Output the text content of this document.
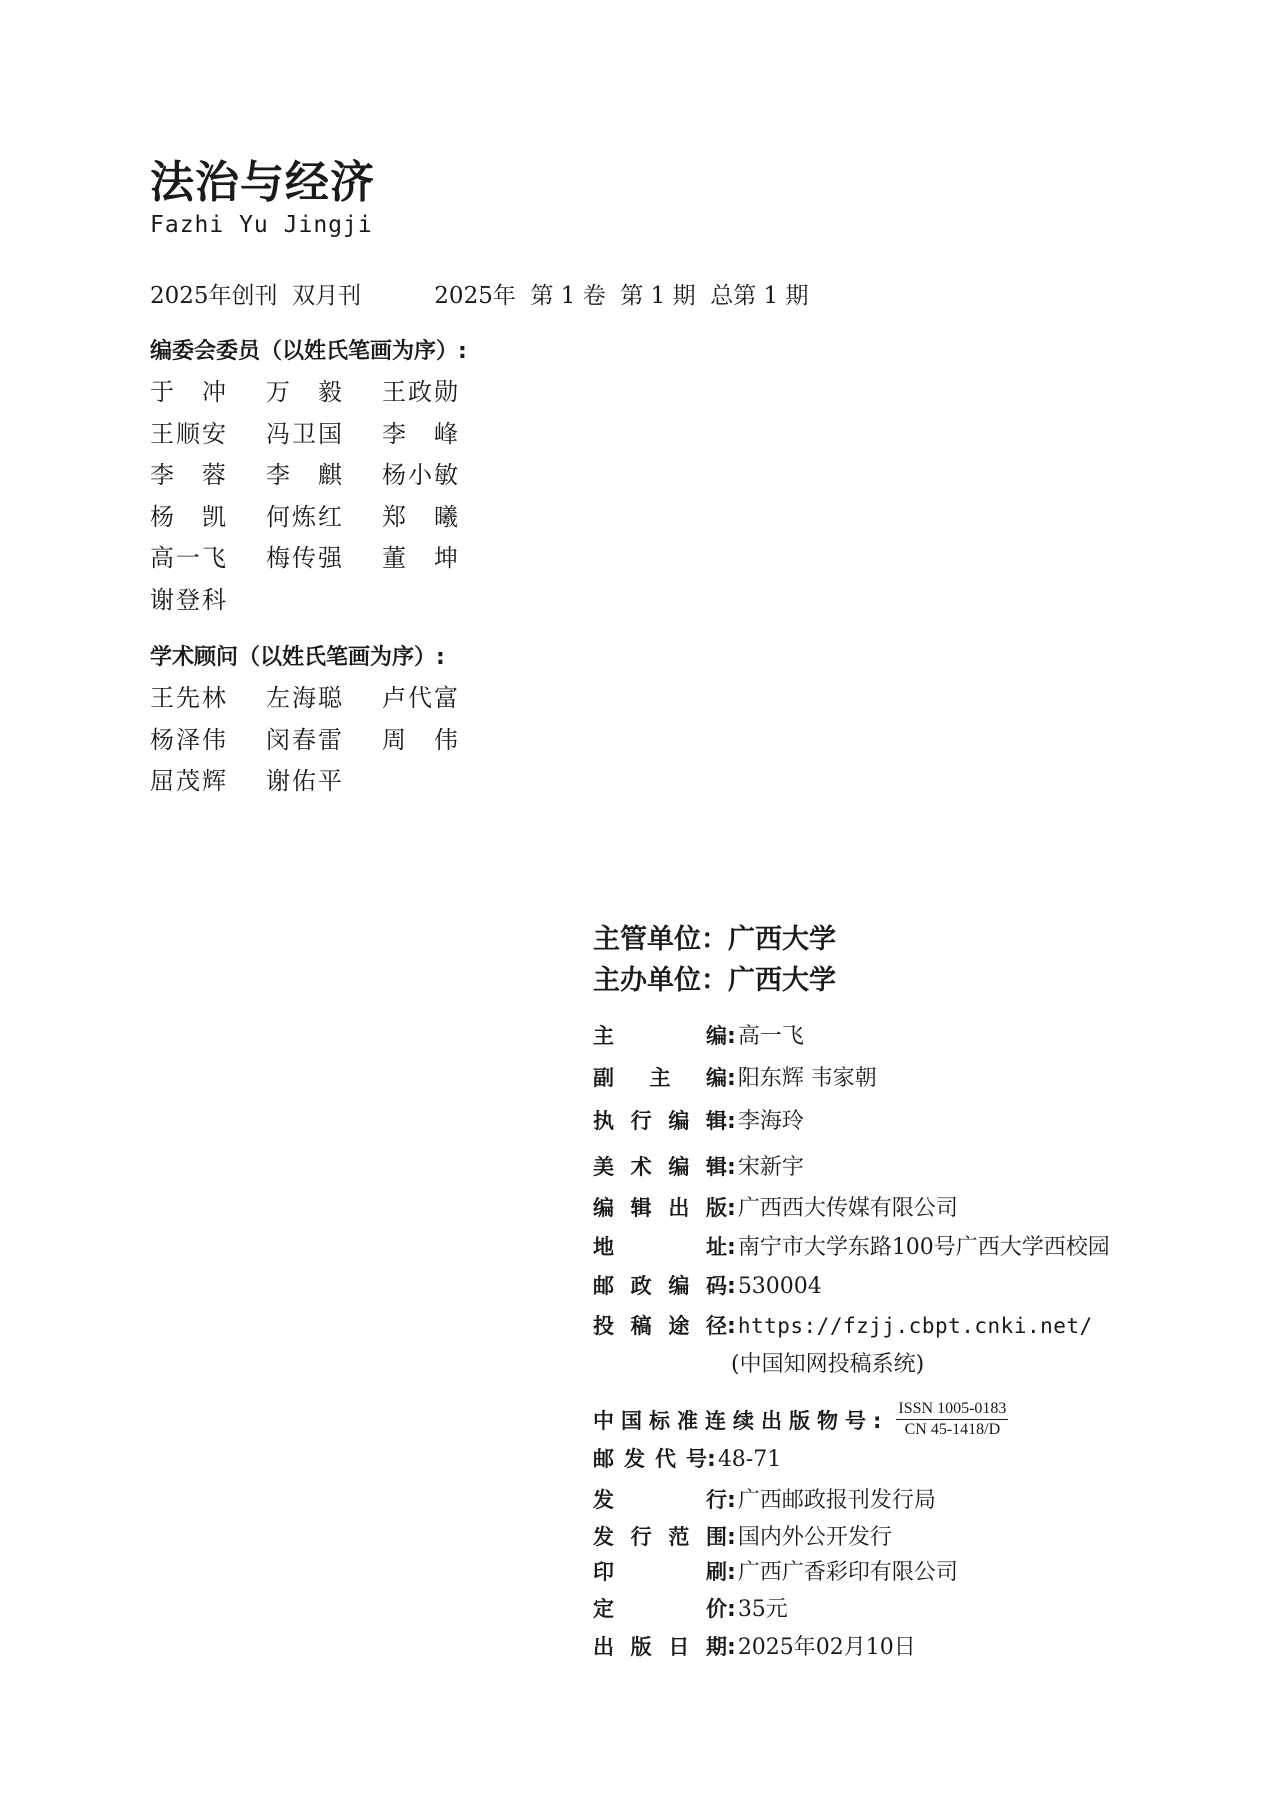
法治与经济
Fazhi Yu Jingji
2025年创刊 双月刊	2025年 第 1 卷 第 1 期 总第 1 期
编委会委员（以姓氏笔画为序）:
于　冲	万　毅	王政勋
王顺安	冯卫国	李　峰
李　蓉	李　麒	杨小敏
杨　凯	何炼红	郑　曦
高一飞	梅传强	董　坤
谢登科
学术顾问（以姓氏笔画为序）:
王先林	左海聪	卢代富
杨泽伟	闵春雷	周　伟
屈茂辉	谢佑平
主管单位：广西大学
主办单位：广西大学
主	编 : 高一飞
副 主 编 : 阳东辉 韦家朝
执 行 编 辑 : 李海玲
美 术 编 辑 : 宋新宇
编 辑 出 版 : 广西西大传媒有限公司
地	址 : 南宁市大学东路100号广西大学西校园
邮 政 编 码 : 530004
投 稿 途 径 : https://fzjj.cbpt.cnki.net/
(中国知网投稿系统)
中国标准连续出版物号: ISSN 1005-0183
CN 45-1418/D
邮 发 代 号 : 48-71
发	行 : 广西邮政报刊发行局
发 行 范 围 : 国内外公开发行
印	刷 : 广西广香彩印有限公司
定	价 : 35元
出 版 日 期 : 2025年02月10日
